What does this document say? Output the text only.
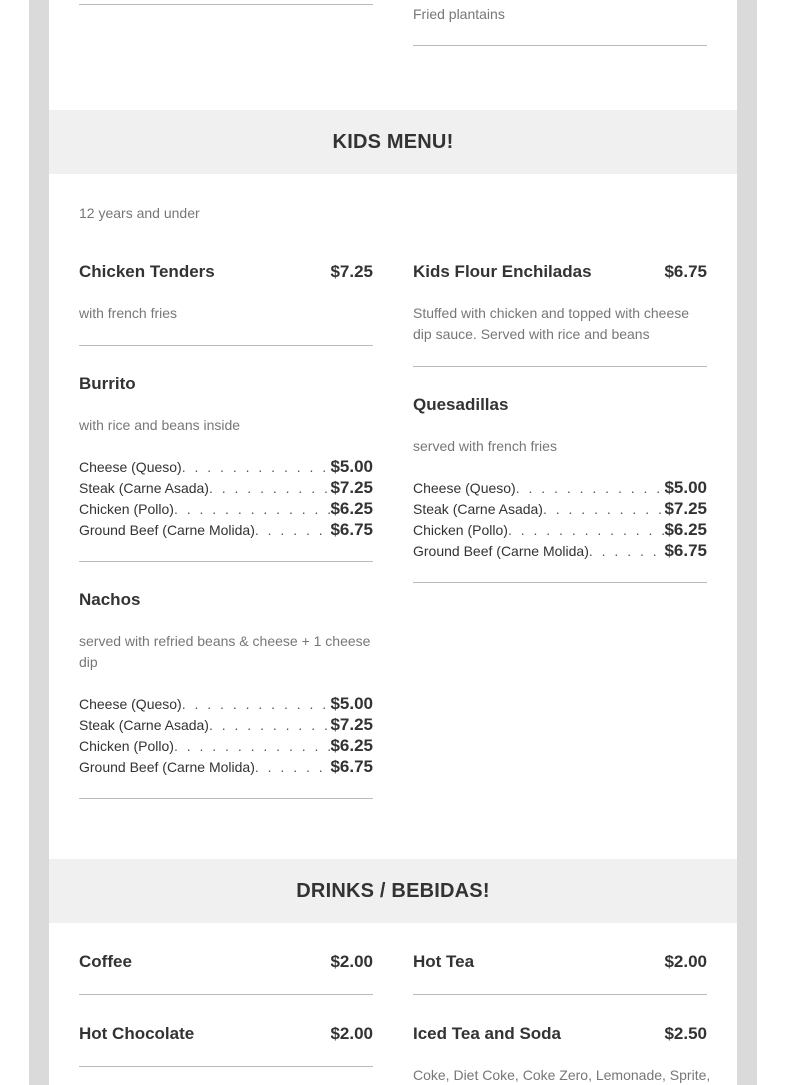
Fried plantains
KIDS MENU!
12 years and under
Chicken Tenders	$7.25
with french fries
Burrito
with rice and beans inside
Cheese (Queso) . . .	$5.00
Steak (Carne Asada) . . .	$7.25
Chicken (Pollo) . . .	$6.25
Ground Beef (Carne Molida) . . .	$6.75
Nachos
served with refried beans & cheese + 1 cheese dip
Cheese (Queso) . . .	$5.00
Steak (Carne Asada) . . .	$7.25
Chicken (Pollo) . . .	$6.25
Ground Beef (Carne Molida) . . .	$6.75
Kids Flour Enchiladas	$6.75
Stuffed with chicken and topped with cheese dip sauce. Served with rice and beans
Quesadillas
served with french fries
Cheese (Queso) . . .	$5.00
Steak (Carne Asada) . . .	$7.25
Chicken (Pollo) . . .	$6.25
Ground Beef (Carne Molida) . . .	$6.75
DRINKS / BEBIDAS!
Coffee	$2.00
Hot Chocolate	$2.00
Hot Tea	$2.00
Iced Tea and Soda	$2.50
Coke, Diet Coke, Coke Zero, Lemonade, Sprite,
